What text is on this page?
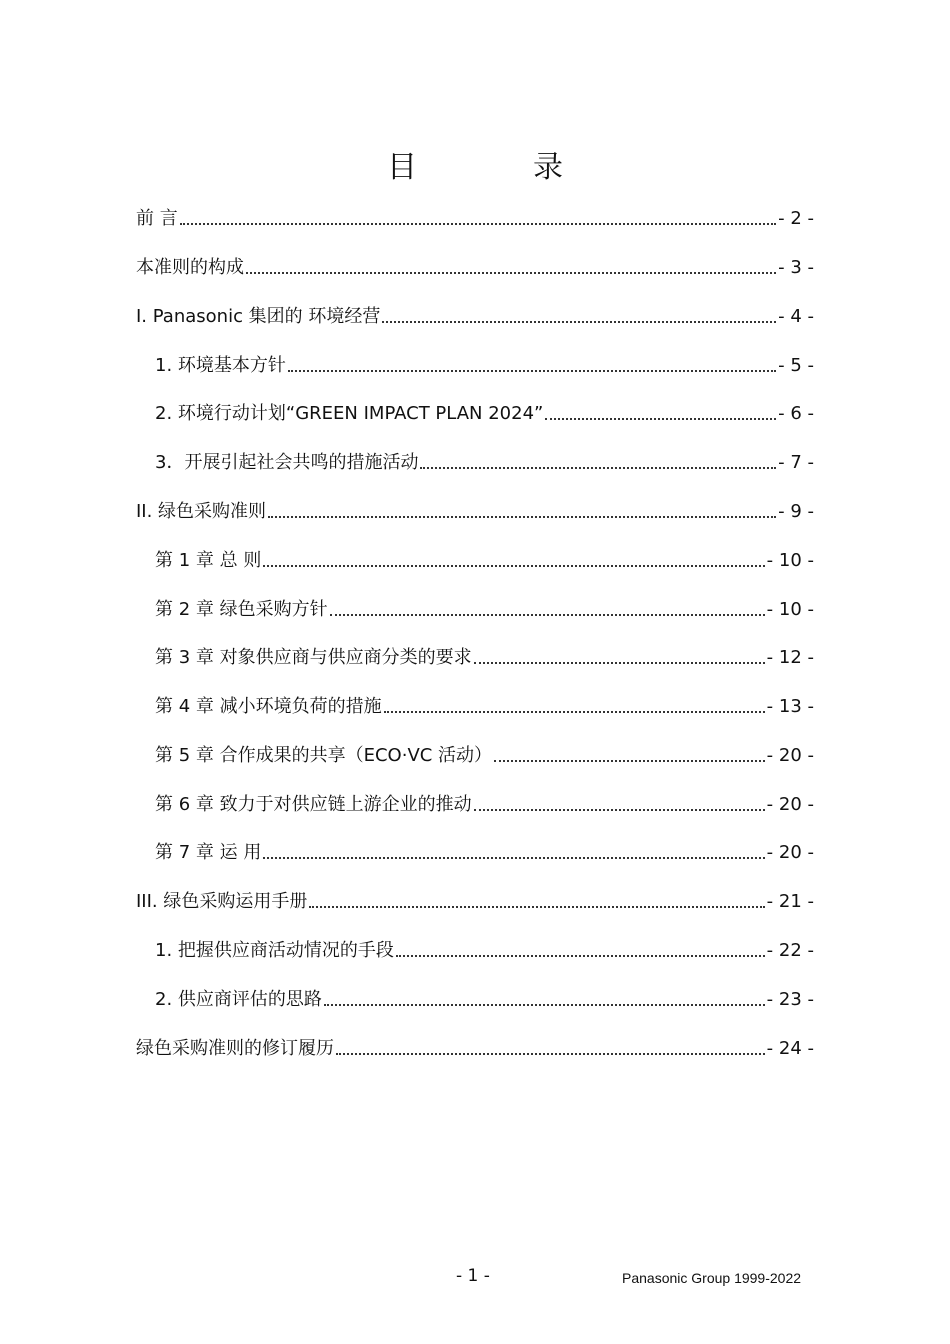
目	录
前 言	- 2 -
本准则的构成	- 3 -
I. Panasonic 集团的 环境经营	- 4 -
1. 环境基本方针	- 5 -
2. 环境行动计划“GREEN IMPACT PLAN 2024”	- 6 -
3．开展引起社会共鸣的措施活动	- 7 -
II. 绿色采购准则	- 9 -
第 1 章 总 则	- 10 -
第 2 章 绿色采购方针	- 10 -
第 3 章 对象供应商与供应商分类的要求	- 12 -
第 4 章 减小环境负荷的措施	- 13 -
第 5 章 合作成果的共享（ECO·VC 活动）	- 20 -
第 6 章 致力于对供应链上游企业的推动	- 20 -
第 7 章 运 用	- 20 -
III. 绿色采购运用手册	- 21 -
1. 把握供应商活动情况的手段	- 22 -
2. 供应商评估的思路	- 23 -
绿色采购准则的修订履历	- 24 -
- 1 -	Panasonic Group 1999-2022
